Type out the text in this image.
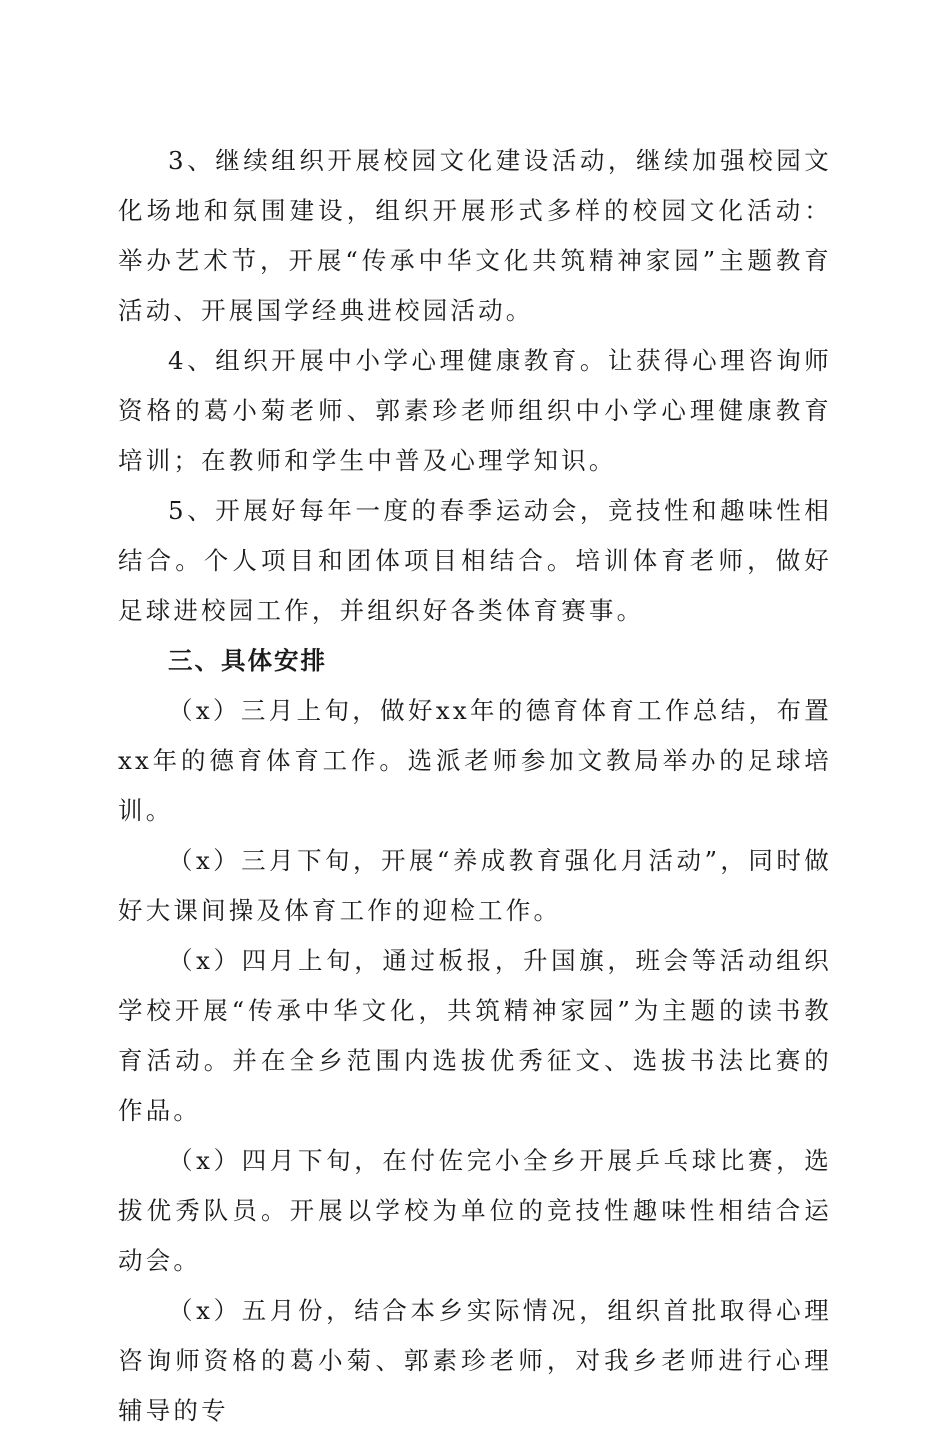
3、继续组织开展校园文化建设活动，继续加强校园文化场地和氛围建设，组织开展形式多样的校园文化活动：举办艺术节，开展“传承中华文化共筑精神家园”主题教育活动、开展国学经典进校园活动。

4、组织开展中小学心理健康教育。让获得心理咨询师资格的葛小菊老师、郭素珍老师组织中小学心理健康教育培训；在教师和学生中普及心理学知识。

5、开展好每年一度的春季运动会，竞技性和趣味性相结合。个人项目和团体项目相结合。培训体育老师，做好足球进校园工作，并组织好各类体育赛事。

三、具体安排

（x）三月上旬，做好xx年的德育体育工作总结，布置xx年的德育体育工作。选派老师参加文教局举办的足球培训。

（x）三月下旬，开展“养成教育强化月活动”，同时做好大课间操及体育工作的迎检工作。

（x）四月上旬，通过板报，升国旗，班会等活动组织学校开展“传承中华文化，共筑精神家园”为主题的读书教育活动。并在全乡范围内选拔优秀征文、选拔书法比赛的作品。

（x）四月下旬，在付佐完小全乡开展乒乓球比赛，选拔优秀队员。开展以学校为单位的竞技性趣味性相结合运动会。

（x）五月份，结合本乡实际情况，组织首批取得心理咨询师资格的葛小菊、郭素珍老师，对我乡老师进行心理辅导的专
